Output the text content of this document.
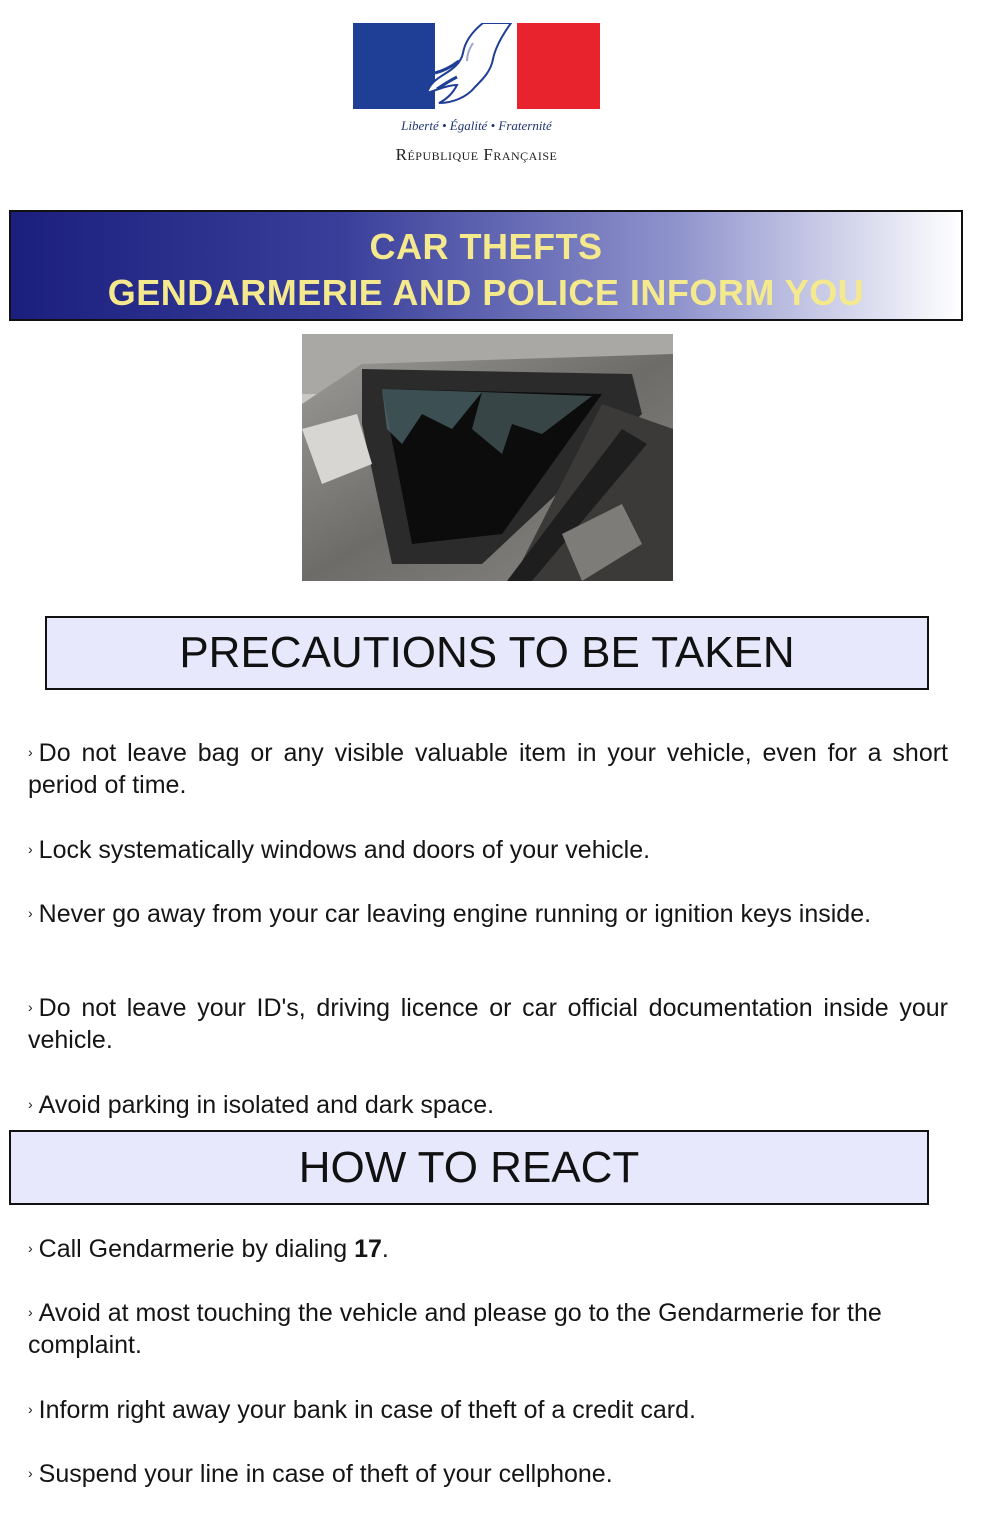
Liberté • Égalité • Fraternité
République Française
CAR THEFTS
GENDARMERIE AND POLICE INFORM YOU
PRECAUTIONS TO BE TAKEN
› Do not leave bag or any visible valuable item in your vehicle, even for a short period of time.
› Lock systematically windows and doors of your vehicle.
› Never go away from your car leaving engine running or ignition keys inside.
› Do not leave your ID's, driving licence or car official documentation inside your vehicle.
› Avoid parking in isolated and dark space.
HOW TO REACT
› Call Gendarmerie by dialing 17.
› Avoid at most touching the vehicle and please go to the Gendarmerie for the complaint.
› Inform right away your bank in case of theft of a credit card.
› Suspend your line in case of theft of your cellphone.
